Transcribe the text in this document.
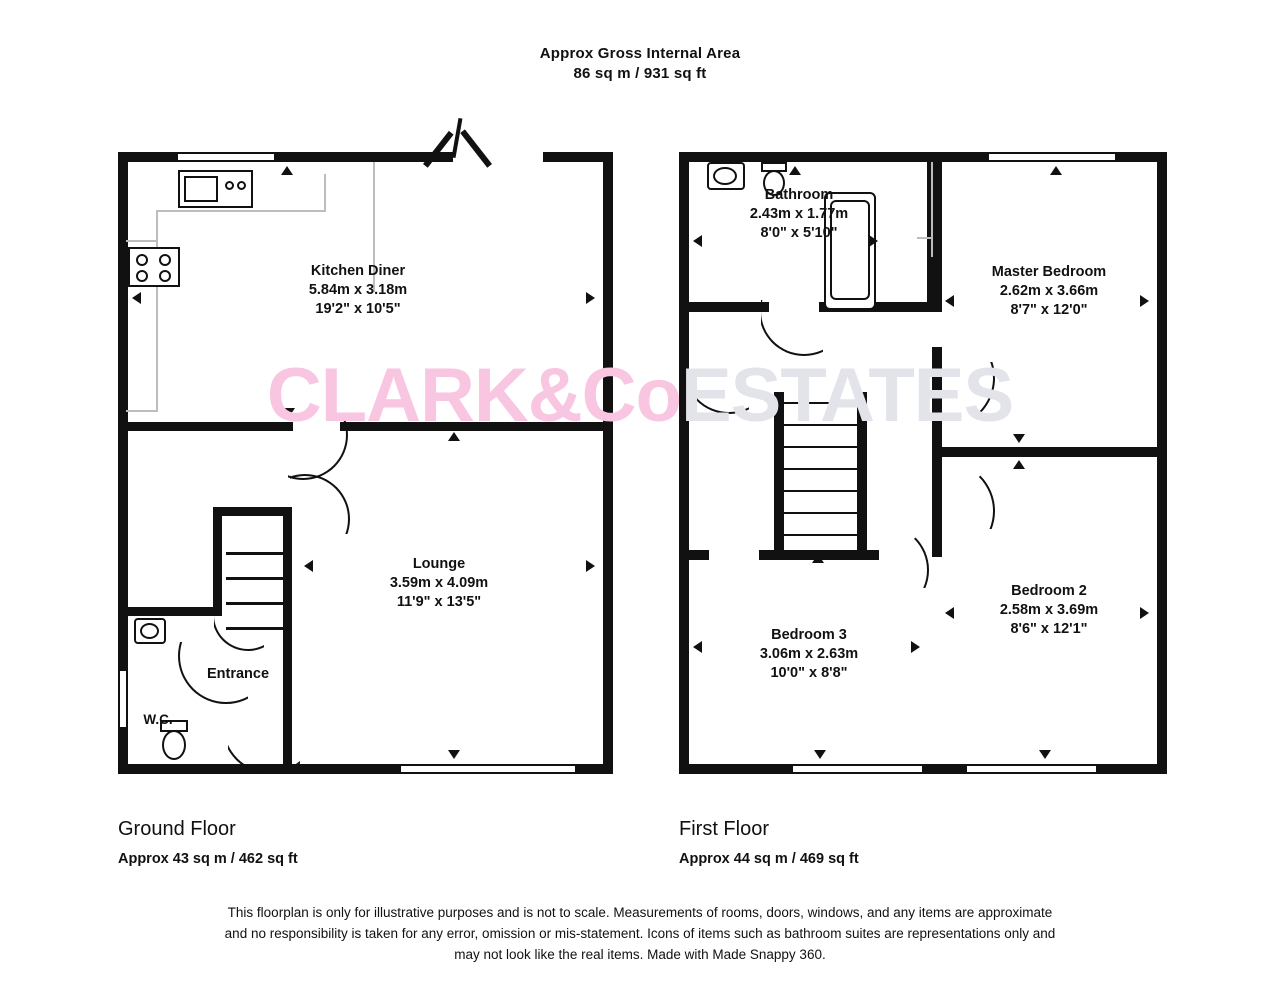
Approx Gross Internal Area
86 sq m / 931 sq ft
CLARK&CoESTATES
Kitchen Diner
5.84m x 3.18m
19'2" x 10'5"
Lounge
3.59m x 4.09m
11'9" x 13'5"
Entrance
W.C.
Bathroom
2.43m x 1.77m
8'0" x 5'10"
Master Bedroom
2.62m x 3.66m
8'7" x 12'0"
Bedroom 2
2.58m x 3.69m
8'6" x 12'1"
Bedroom 3
3.06m x 2.63m
10'0" x 8'8"
Ground Floor
Approx 43 sq m / 462 sq ft
First Floor
Approx 44 sq m / 469 sq ft
This floorplan is only for illustrative purposes and is not to scale. Measurements of rooms, doors, windows, and any items are approximate
and no responsibility is taken for any error, omission or mis-statement. Icons of items such as bathroom suites are representations only and
may not look like the real items. Made with Made Snappy 360.
